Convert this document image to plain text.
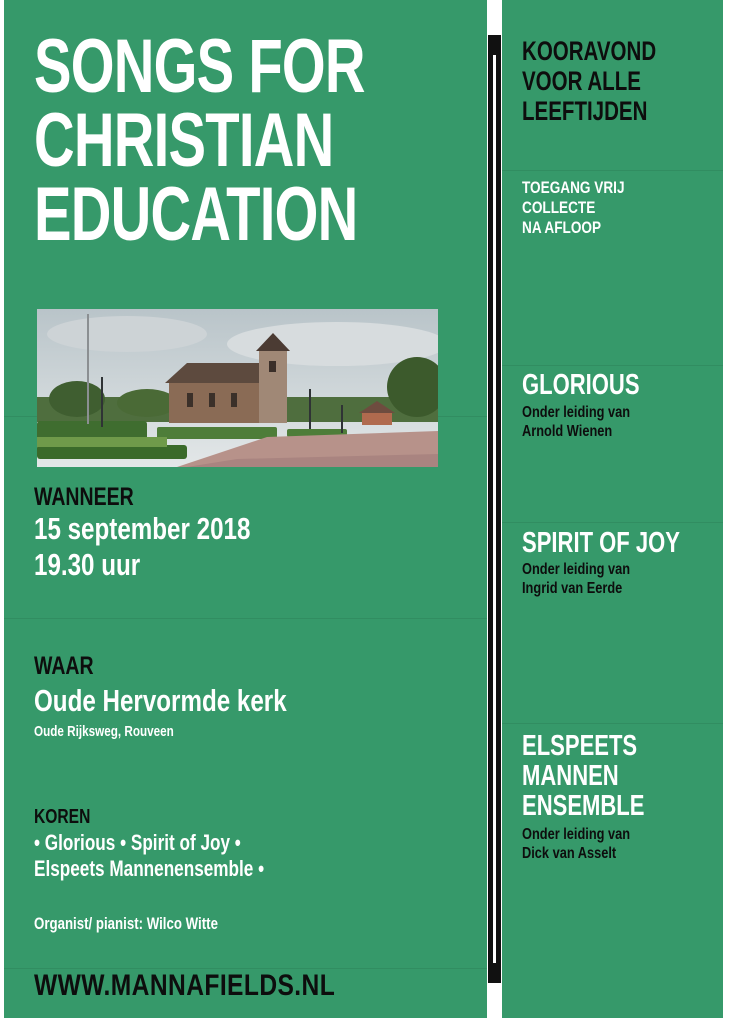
SONGS FOR
CHRISTIAN
EDUCATION
WANNEER
15 september 2018
19.30 uur
WAAR
Oude Hervormde kerk
Oude Rijksweg, Rouveen
KOREN
• Glorious • Spirit of Joy •
Elspeets Mannenensemble •
Organist/ pianist: Wilco Witte
WWW.MANNAFIELDS.NL
KOORAVOND
VOOR ALLE
LEEFTIJDEN
TOEGANG VRIJ
COLLECTE
NA AFLOOP
GLORIOUS
Onder leiding van
Arnold Wienen
SPIRIT OF JOY
Onder leiding van
Ingrid van Eerde
ELSPEETS
MANNEN
ENSEMBLE
Onder leiding van
Dick van Asselt
